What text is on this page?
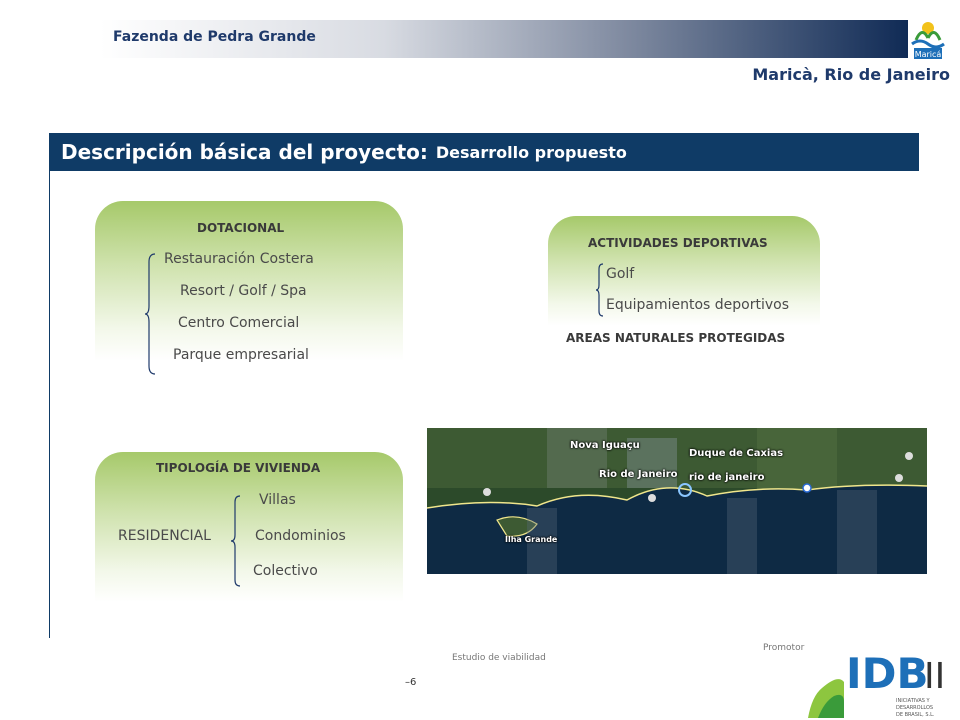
Fazenda de Pedra Grande
Maricá
Maricà, Rio de Janeiro
Descripción básica del proyecto: Desarrollo propuesto
DOTACIONAL
Restauración Costera
Resort / Golf / Spa
Centro Comercial
Parque empresarial
ACTIVIDADES DEPORTIVAS
Golf
Equipamientos deportivos
AREAS NATURALES PROTEGIDAS
TIPOLOGÍA DE VIVIENDA
RESIDENCIAL
Villas
Condominios
Colectivo
Nova Iguaçu
Duque de Caxias
Rio de Janeiro rio de janeiro
Ilha Grande
Estudio de viabilidad
–6
Promotor
IDB
II
INICIATIVAS Y
DESARROLLOS
DE BRASIL, S.L.
